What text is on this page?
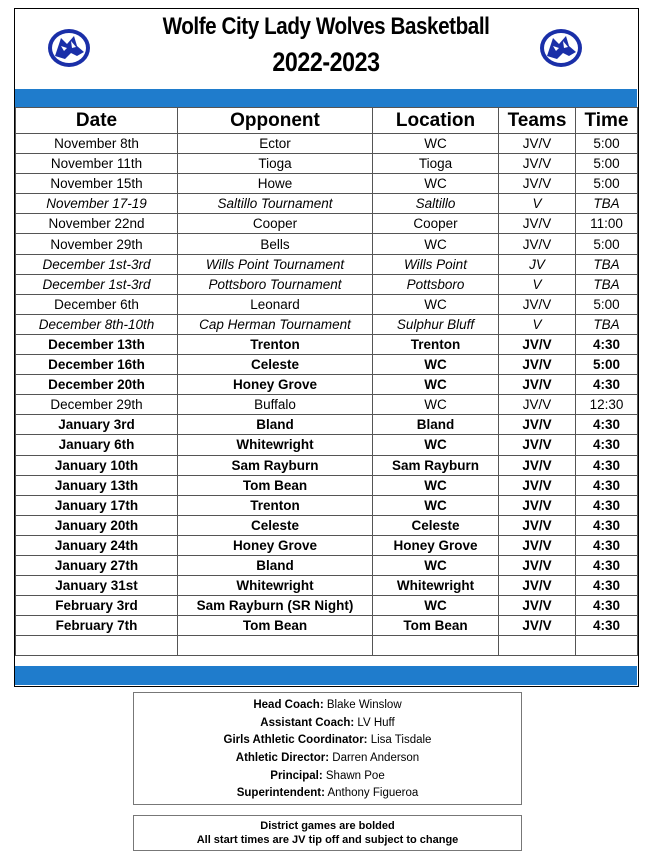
Wolfe City Lady Wolves Basketball
2022-2023
Date	Opponent	Location	Teams	Time
November 8th	Ector	WC	JV/V	5:00
November 11th	Tioga	Tioga	JV/V	5:00
November 15th	Howe	WC	JV/V	5:00
November 17-19	Saltillo Tournament	Saltillo	V	TBA
November 22nd	Cooper	Cooper	JV/V	11:00
November 29th	Bells	WC	JV/V	5:00
December 1st-3rd	Wills Point Tournament	Wills Point	JV	TBA
December 1st-3rd	Pottsboro Tournament	Pottsboro	V	TBA
December 6th	Leonard	WC	JV/V	5:00
December 8th-10th	Cap Herman Tournament	Sulphur Bluff	V	TBA
December 13th	Trenton	Trenton	JV/V	4:30
December 16th	Celeste	WC	JV/V	5:00
December 20th	Honey Grove	WC	JV/V	4:30
December 29th	Buffalo	WC	JV/V	12:30
January 3rd	Bland	Bland	JV/V	4:30
January 6th	Whitewright	WC	JV/V	4:30
January 10th	Sam Rayburn	Sam Rayburn	JV/V	4:30
January 13th	Tom Bean	WC	JV/V	4:30
January 17th	Trenton	WC	JV/V	4:30
January 20th	Celeste	Celeste	JV/V	4:30
January 24th	Honey Grove	Honey Grove	JV/V	4:30
January 27th	Bland	WC	JV/V	4:30
January 31st	Whitewright	Whitewright	JV/V	4:30
February 3rd	Sam Rayburn (SR Night)	WC	JV/V	4:30
February 7th	Tom Bean	Tom Bean	JV/V	4:30

Head Coach: Blake Winslow
Assistant Coach: LV Huff
Girls Athletic Coordinator: Lisa Tisdale
Athletic Director: Darren Anderson
Principal: Shawn Poe
Superintendent: Anthony Figueroa
District games are bolded
All start times are JV tip off and subject to change
